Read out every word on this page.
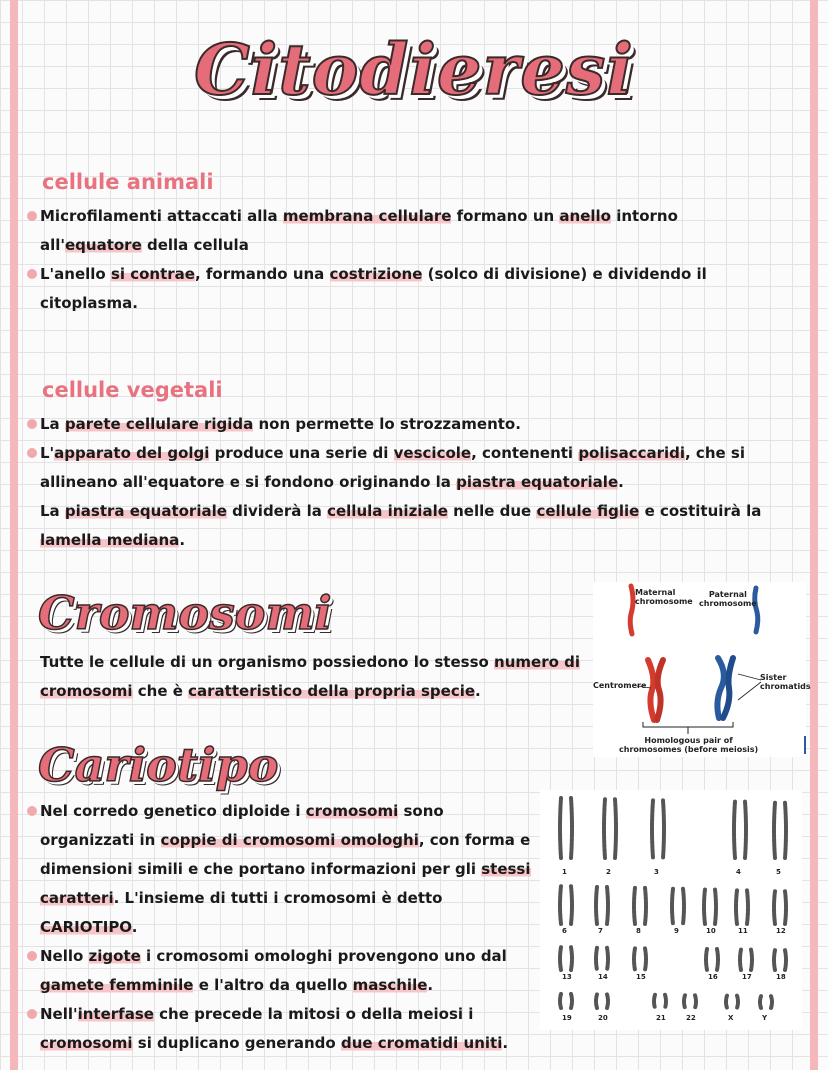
Citodieresi
cellule animali

Microfilamenti attaccati alla membrana cellulare formano un anello intorno all'equatore della cellula

L'anello si contrae, formando una costrizione (solco di divisione) e dividendo il citoplasma.

cellule vegetali

La parete cellulare rigida non permette lo strozzamento.

L'apparato del golgi produce una serie di vescicole, contenenti polisaccaridi, che si allineano all'equatore e si fondono originando la piastra equatoriale.

La piastra equatoriale dividerà la cellula iniziale nelle due cellule figlie e costituirà la lamella mediana.

Cromosomi

Tutte le cellule di un organismo possiedono lo stesso numero di cromosomi che è caratteristico della propria specie.

Maternal
chromosome
Paternal
chromosome
Centromere
Sister
chromatids
Homologous pair of
chromosomes (before meiosis)
Cariotipo

Nel corredo genetico diploide i cromosomi sono organizzati in coppie di cromosomi omologhi, con forma e dimensioni simili e che portano informazioni per gli stessi caratteri. L'insieme di tutti i cromosomi è detto CARIOTIPO.

Nello zigote i cromosomi omologhi provengono uno dal gamete femminile e l'altro da quello maschile.

Nell'interfase che precede la mitosi o della meiosi i cromosomi si duplicano generando due cromatidi uniti.

1	2	3	4	5
6	7	8	9	10	11	12
13	14	15	16	17	18
19	20	21	22	X	Y
